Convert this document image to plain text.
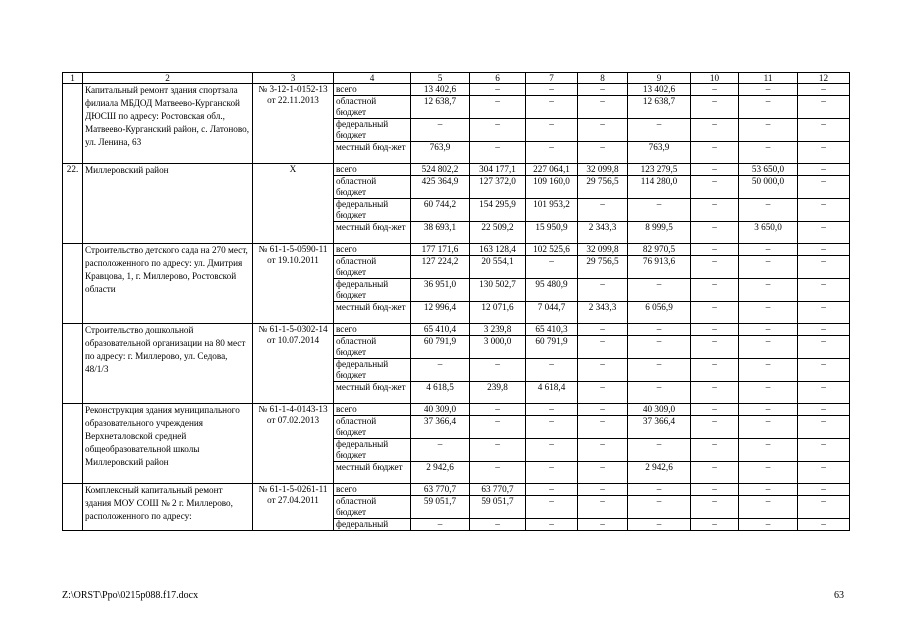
1	2	3	4	5	6	7	8	9	10	11	12
	Капитальный ремонт здания спортзала филиала МБДОД Матвеево-Курганской ДЮСШ по адресу: Ростовская обл., Матвеево-Курганский район, с. Латоново, ул. Ленина, 63	№ 3-12-1-0152-13 от 22.11.2013	всего	13 402,6	–	–	–	13 402,6	–	–	–
			областной бюджет	12 638,7	–	–	–	12 638,7	–	–	–
			федеральный бюджет	–	–	–	–	–	–	–	–
			местный бюд-жет	763,9	–	–	–	763,9	–	–	–
22.	Миллеровский район	Х	всего	524 802,2	304 177,1	227 064,1	32 099,8	123 279,5	–	53 650,0	–
			областной бюджет	425 364,9	127 372,0	109 160,0	29 756,5	114 280,0	–	50 000,0	–
			федеральный бюджет	60 744,2	154 295,9	101 953,2	–	–	–	–	–
			местный бюд-жет	38 693,1	22 509,2	15 950,9	2 343,3	8 999,5	–	3 650,0	–
	Строительство детского сада на 270 мест, расположенного по адресу: ул. Дмитрия Кравцова, 1, г. Миллерово, Ростовской области	№ 61-1-5-0590-11 от 19.10.2011	всего	177 171,6	163 128,4	102 525,6	32 099,8	82 970,5	–	–	–
			областной бюджет	127 224,2	20 554,1	–	29 756,5	76 913,6	–	–	–
			федеральный бюджет	36 951,0	130 502,7	95 480,9	–	–	–	–	–
			местный бюд-жет	12 996,4	12 071,6	7 044,7	2 343,3	6 056,9	–	–	–
	Строительство дошкольной образовательной организации на 80 мест по адресу: г. Миллерово, ул. Седова, 48/1/3	№ 61-1-5-0302-14 от 10.07.2014	всего	65 410,4	3 239,8	65 410,3	–	–	–	–	–
			областной бюджет	60 791,9	3 000,0	60 791,9	–	–	–	–	–
			федеральный бюджет	–	–	–	–	–	–	–	–
			местный бюд-жет	4 618,5	239,8	4 618,4	–	–	–	–	–
	Реконструкция здания муниципального образовательного учреждения Верхнеталовской средней общеобразовательной школы Миллеровский район	№ 61-1-4-0143-13 от 07.02.2013	всего	40 309,0	–	–	–	40 309,0	–	–	–
			областной бюджет	37 366,4	–	–	–	37 366,4	–	–	–
			федеральный бюджет	–	–	–	–	–	–	–	–
			местный бюджет	2 942,6	–	–	–	2 942,6	–	–	–
	Комплексный капитальный ремонт здания МОУ СОШ № 2 г. Миллерово, расположенного по адресу:	№ 61-1-5-0261-11 от 27.04.2011	всего	63 770,7	63 770,7	–	–	–	–	–	–
			областной бюджет	59 051,7	59 051,7	–	–	–	–	–	–
			федеральный	–	–	–	–	–	–	–	–
Z:\ORST\Ppo\0215p088.f17.docx	63
